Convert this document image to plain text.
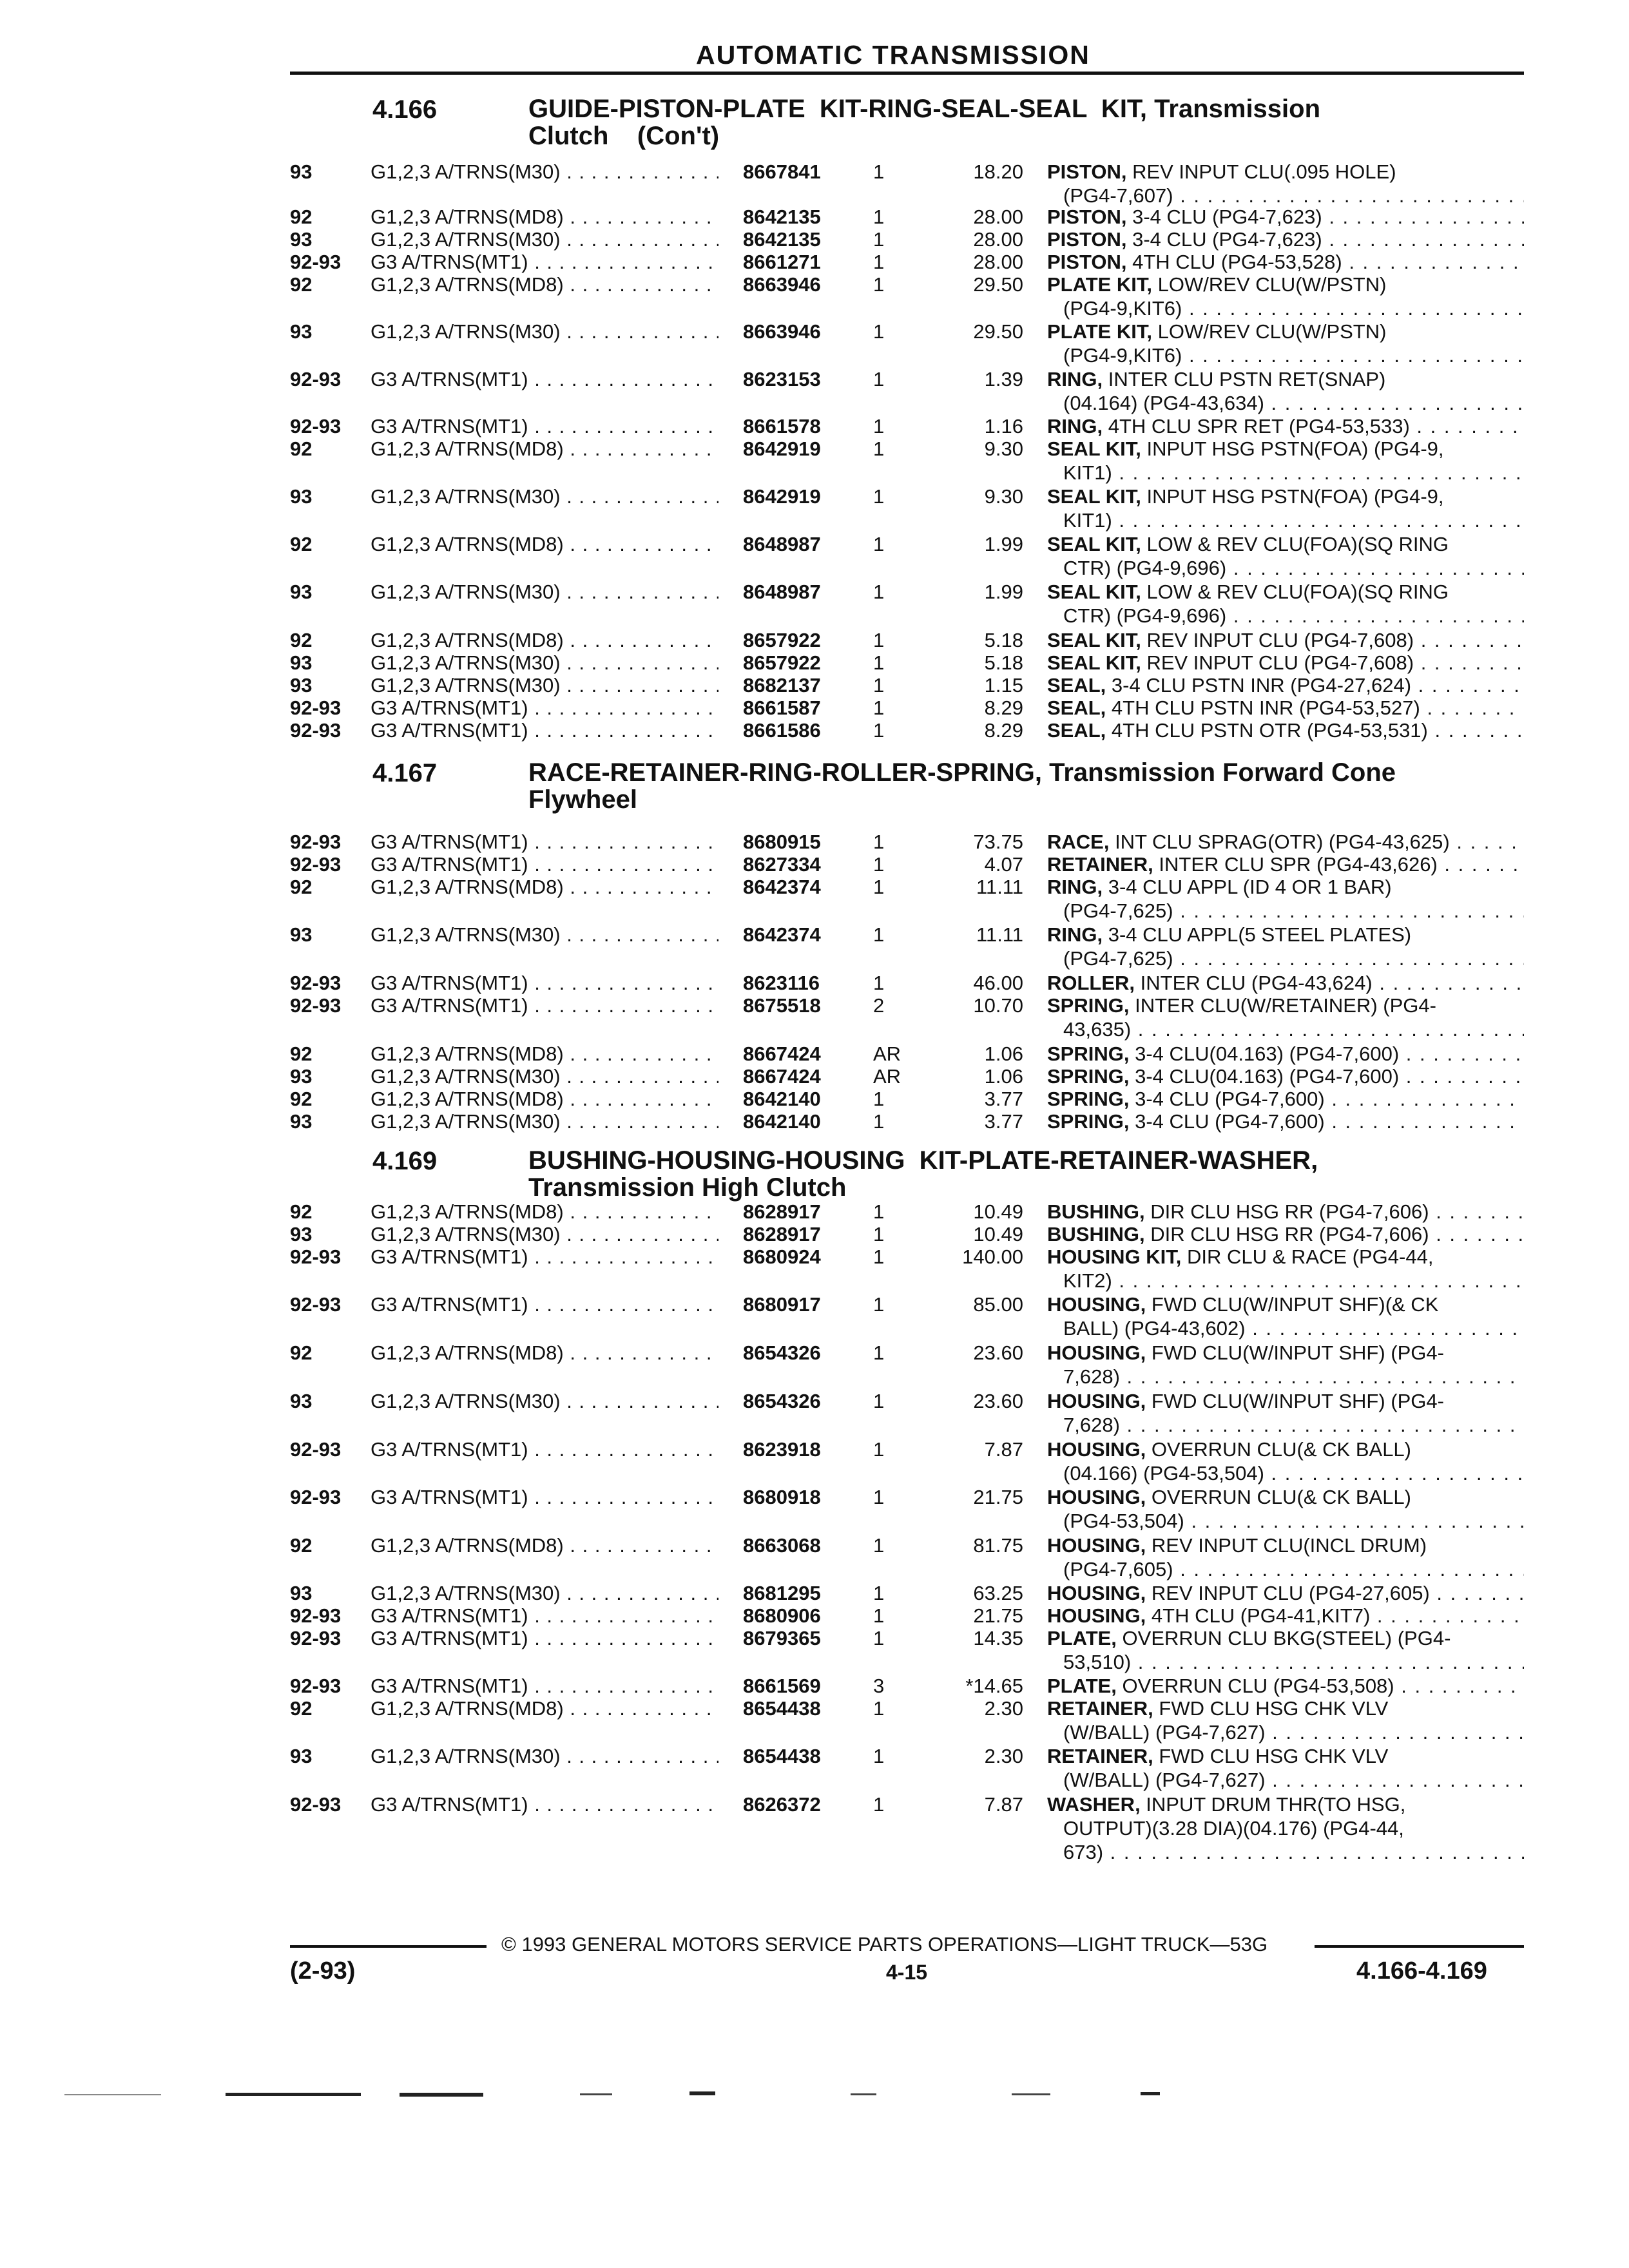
AUTOMATIC TRANSMISSION
4.166	GUIDE-PISTON-PLATE  KIT-RING-SEAL-SEAL  KIT, Transmission
Clutch    (Con't)
93	G1,2,3 A/TRNS(M30) . . .	8667841	1	18.20 PISTON, REV INPUT CLU(.095 HOLE)
(PG4-7,607) . . .
92	G1,2,3 A/TRNS(MD8) . . .	8642135	1	28.00 PISTON, 3-4 CLU (PG4-7,623) . . .
93	G1,2,3 A/TRNS(M30) . . .	8642135	1	28.00 PISTON, 3-4 CLU (PG4-7,623) . . .
92-93	G3 A/TRNS(MT1) . . .	8661271	1	28.00 PISTON, 4TH CLU (PG4-53,528) . . .
92	G1,2,3 A/TRNS(MD8) . . .	8663946	1	29.50 PLATE KIT, LOW/REV CLU(W/PSTN)
(PG4-9,KIT6) . . .
93	G1,2,3 A/TRNS(M30) . . .	8663946	1	29.50 PLATE KIT, LOW/REV CLU(W/PSTN)
(PG4-9,KIT6) . . .
92-93	G3 A/TRNS(MT1) . . .	8623153	1	1.39 RING, INTER CLU PSTN RET(SNAP)
(04.164) (PG4-43,634) . . .
92-93	G3 A/TRNS(MT1) . . .	8661578	1	1.16 RING, 4TH CLU SPR RET (PG4-53,533) . . .
92	G1,2,3 A/TRNS(MD8) . . .	8642919	1	9.30 SEAL KIT, INPUT HSG PSTN(FOA) (PG4-9,
KIT1) . . .
93	G1,2,3 A/TRNS(M30) . . .	8642919	1	9.30 SEAL KIT, INPUT HSG PSTN(FOA) (PG4-9,
KIT1) . . .
92	G1,2,3 A/TRNS(MD8) . . .	8648987	1	1.99 SEAL KIT, LOW & REV CLU(FOA)(SQ RING
CTR) (PG4-9,696) . . .
93	G1,2,3 A/TRNS(M30) . . .	8648987	1	1.99 SEAL KIT, LOW & REV CLU(FOA)(SQ RING
CTR) (PG4-9,696) . . .
92	G1,2,3 A/TRNS(MD8) . . .	8657922	1	5.18 SEAL KIT, REV INPUT CLU (PG4-7,608) . . .
93	G1,2,3 A/TRNS(M30) . . .	8657922	1	5.18 SEAL KIT, REV INPUT CLU (PG4-7,608) . . .
93	G1,2,3 A/TRNS(M30) . . .	8682137	1	1.15 SEAL, 3-4 CLU PSTN INR (PG4-27,624) . . .
92-93	G3 A/TRNS(MT1) . . .	8661587	1	8.29 SEAL, 4TH CLU PSTN INR (PG4-53,527) . . .
92-93	G3 A/TRNS(MT1) . . .	8661586	1	8.29 SEAL, 4TH CLU PSTN OTR (PG4-53,531) . . .
4.167	RACE-RETAINER-RING-ROLLER-SPRING, Transmission Forward Cone
Flywheel
92-93	G3 A/TRNS(MT1) . . .	8680915	1	73.75 RACE, INT CLU SPRAG(OTR) (PG4-43,625) . . .
92-93	G3 A/TRNS(MT1) . . .	8627334	1	4.07 RETAINER, INTER CLU SPR (PG4-43,626) . . .
92	G1,2,3 A/TRNS(MD8) . . .	8642374	1	11.11 RING, 3-4 CLU APPL (ID 4 OR 1 BAR)
(PG4-7,625) . . .
93	G1,2,3 A/TRNS(M30) . . .	8642374	1	11.11 RING, 3-4 CLU APPL(5 STEEL PLATES)
(PG4-7,625) . . .
92-93	G3 A/TRNS(MT1) . . .	8623116	1	46.00 ROLLER, INTER CLU (PG4-43,624) . . .
92-93	G3 A/TRNS(MT1) . . .	8675518	2	10.70 SPRING, INTER CLU(W/RETAINER) (PG4-
43,635) . . .
92	G1,2,3 A/TRNS(MD8) . . .	8667424	AR	1.06 SPRING, 3-4 CLU(04.163) (PG4-7,600) . . .
93	G1,2,3 A/TRNS(M30) . . .	8667424	AR	1.06 SPRING, 3-4 CLU(04.163) (PG4-7,600) . . .
92	G1,2,3 A/TRNS(MD8) . . .	8642140	1	3.77 SPRING, 3-4 CLU (PG4-7,600) . . .
93	G1,2,3 A/TRNS(M30) . . .	8642140	1	3.77 SPRING, 3-4 CLU (PG4-7,600) . . .
4.169	BUSHING-HOUSING-HOUSING  KIT-PLATE-RETAINER-WASHER,
Transmission High Clutch
92	G1,2,3 A/TRNS(MD8) . . .	8628917	1	10.49 BUSHING, DIR CLU HSG RR (PG4-7,606) . . .
93	G1,2,3 A/TRNS(M30) . . .	8628917	1	10.49 BUSHING, DIR CLU HSG RR (PG4-7,606) . . .
92-93	G3 A/TRNS(MT1) . . .	8680924	1	140.00 HOUSING KIT, DIR CLU & RACE (PG4-44,
KIT2) . . .
92-93	G3 A/TRNS(MT1) . . .	8680917	1	85.00 HOUSING, FWD CLU(W/INPUT SHF)(& CK
BALL) (PG4-43,602) . . .
92	G1,2,3 A/TRNS(MD8) . . .	8654326	1	23.60 HOUSING, FWD CLU(W/INPUT SHF) (PG4-
7,628) . . .
93	G1,2,3 A/TRNS(M30) . . .	8654326	1	23.60 HOUSING, FWD CLU(W/INPUT SHF) (PG4-
7,628) . . .
92-93	G3 A/TRNS(MT1) . . .	8623918	1	7.87 HOUSING, OVERRUN CLU(& CK BALL)
(04.166) (PG4-53,504) . . .
92-93	G3 A/TRNS(MT1) . . .	8680918	1	21.75 HOUSING, OVERRUN CLU(& CK BALL)
(PG4-53,504) . . .
92	G1,2,3 A/TRNS(MD8) . . .	8663068	1	81.75 HOUSING, REV INPUT CLU(INCL DRUM)
(PG4-7,605) . . .
93	G1,2,3 A/TRNS(M30) . . .	8681295	1	63.25 HOUSING, REV INPUT CLU (PG4-27,605) . . .
92-93	G3 A/TRNS(MT1) . . .	8680906	1	21.75 HOUSING, 4TH CLU (PG4-41,KIT7) . . .
92-93	G3 A/TRNS(MT1) . . .	8679365	1	14.35 PLATE, OVERRUN CLU BKG(STEEL) (PG4-
53,510) . . .
92-93	G3 A/TRNS(MT1) . . .	8661569	3	*14.65 PLATE, OVERRUN CLU (PG4-53,508) . . .
92	G1,2,3 A/TRNS(MD8) . . .	8654438	1	2.30 RETAINER, FWD CLU HSG CHK VLV
(W/BALL) (PG4-7,627) . . .
93	G1,2,3 A/TRNS(M30) . . .	8654438	1	2.30 RETAINER, FWD CLU HSG CHK VLV
(W/BALL) (PG4-7,627) . . .
92-93	G3 A/TRNS(MT1) . . .	8626372	1	7.87 WASHER, INPUT DRUM THR(TO HSG,
OUTPUT)(3.28 DIA)(04.176) (PG4-44,
673) . . .
© 1993 GENERAL MOTORS SERVICE PARTS OPERATIONS—LIGHT TRUCK—53G
(2-93)	4-15	4.166-4.169
